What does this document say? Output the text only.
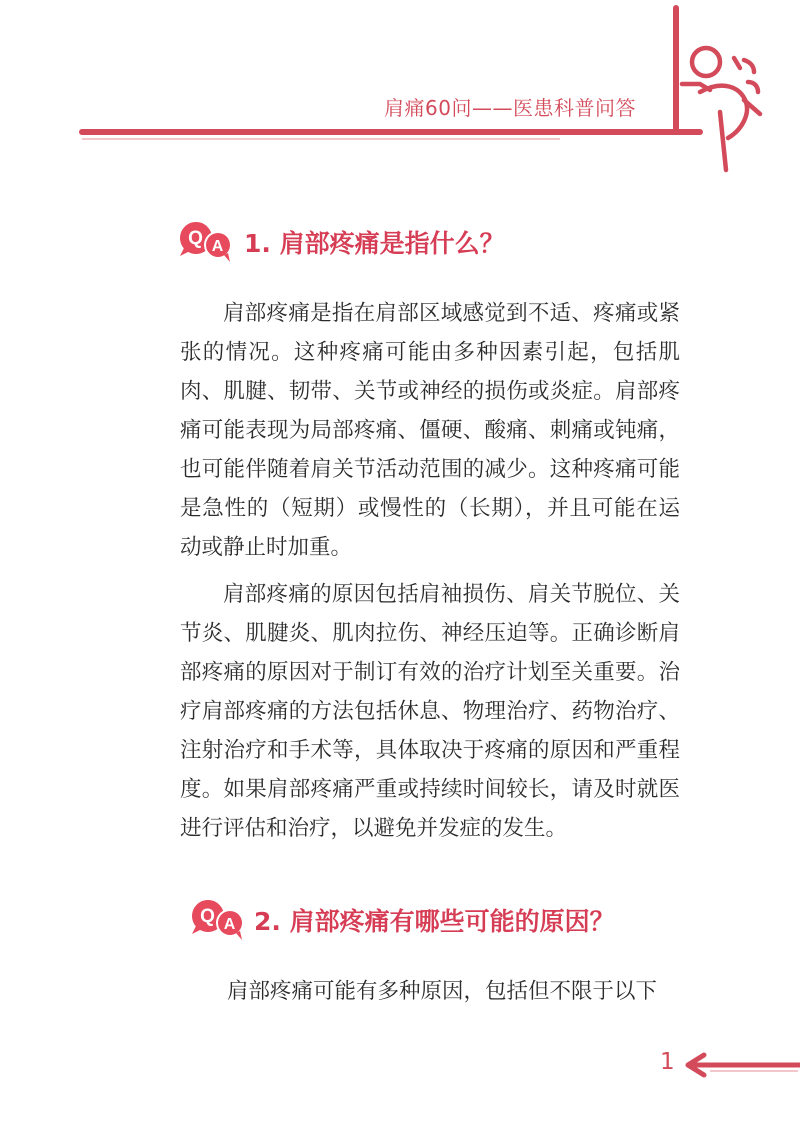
肩痛60问——医患科普问答
Q A 1. 肩部疼痛是指什么？

肩部疼痛是指在肩部区域感觉到不适、疼痛或紧张的情况。这种疼痛可能由多种因素引起，包括肌肉、肌腱、韧带、关节或神经的损伤或炎症。肩部疼痛可能表现为局部疼痛、僵硬、酸痛、刺痛或钝痛，也可能伴随着肩关节活动范围的减少。这种疼痛可能是急性的（短期）或慢性的（长期），并且可能在运动或静止时加重。

肩部疼痛的原因包括肩袖损伤、肩关节脱位、关节炎、肌腱炎、肌肉拉伤、神经压迫等。正确诊断肩部疼痛的原因对于制订有效的治疗计划至关重要。治疗肩部疼痛的方法包括休息、物理治疗、药物治疗、注射治疗和手术等，具体取决于疼痛的原因和严重程度。如果肩部疼痛严重或持续时间较长，请及时就医进行评估和治疗，以避免并发症的发生。

Q A 2. 肩部疼痛有哪些可能的原因？

肩部疼痛可能有多种原因，包括但不限于以下

1
